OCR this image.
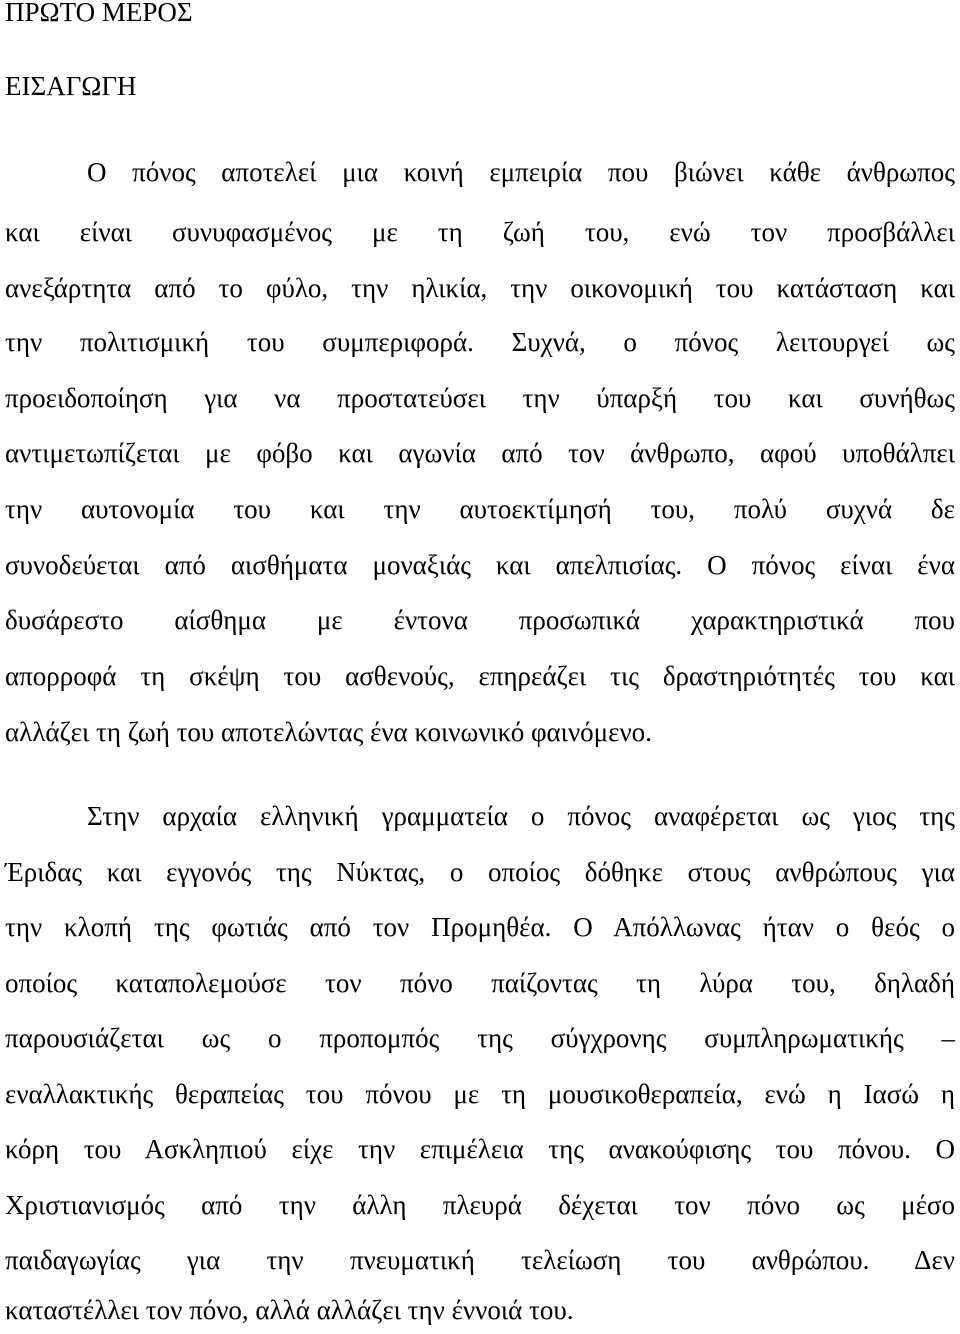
ΠΡΩΤΟ ΜΕΡΟΣ
ΕΙΣΑΓΩΓΗ
Ο πόνος αποτελεί μια κοινή εμπειρία που βιώνει κάθε άνθρωπος
και είναι συνυφασμένος με τη ζωή του, ενώ τον προσβάλλει
ανεξάρτητα από το φύλο, την ηλικία, την οικονομική του κατάσταση και
την πολιτισμική του συμπεριφορά. Συχνά, ο πόνος λειτουργεί ως
προειδοποίηση για να προστατεύσει την ύπαρξή του και συνήθως
αντιμετωπίζεται με φόβο και αγωνία από τον άνθρωπο, αφού υποθάλπει
την αυτονομία του και την αυτοεκτίμησή του, πολύ συχνά δε
συνοδεύεται από αισθήματα μοναξιάς και απελπισίας. Ο πόνος είναι ένα
δυσάρεστο αίσθημα με έντονα προσωπικά χαρακτηριστικά που
απορροφά τη σκέψη του ασθενούς, επηρεάζει τις δραστηριότητές του και
αλλάζει τη ζωή του αποτελώντας ένα κοινωνικό φαινόμενο.
Στην αρχαία ελληνική γραμματεία ο πόνος αναφέρεται ως γιος της
Έριδας και εγγονός της Νύκτας, ο οποίος δόθηκε στους ανθρώπους για
την κλοπή της φωτιάς από τον Προμηθέα. Ο Απόλλωνας ήταν ο θεός ο
οποίος καταπολεμούσε τον πόνο παίζοντας τη λύρα του, δηλαδή
παρουσιάζεται ως ο προπομπός της σύγχρονης συμπληρωματικής –
εναλλακτικής θεραπείας του πόνου με τη μουσικοθεραπεία, ενώ η Ιασώ η
κόρη του Ασκληπιού είχε την επιμέλεια της ανακούφισης του πόνου. Ο
Χριστιανισμός από την άλλη πλευρά δέχεται τον πόνο ως μέσο
παιδαγωγίας για την πνευματική τελείωση του ανθρώπου. Δεν
καταστέλλει τον πόνο, αλλά αλλάζει την έννοιά του.
